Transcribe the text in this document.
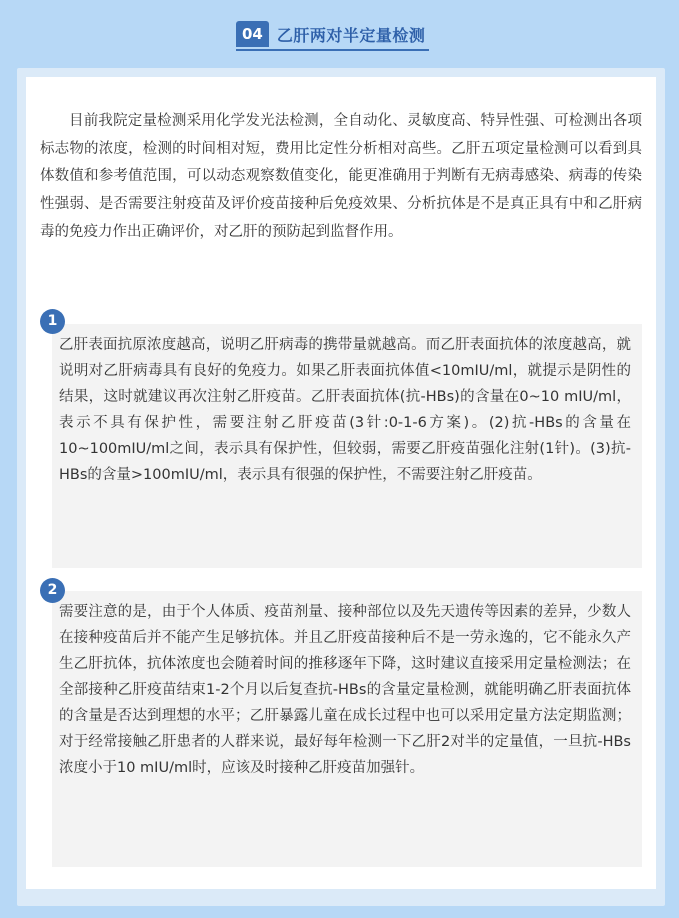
04 乙肝两对半定量检测

目前我院定量检测采用化学发光法检测，全自动化、灵敏度高、特异性强、可检测出各项标志物的浓度，检测的时间相对短，费用比定性分析相对高些。乙肝五项定量检测可以看到具体数值和参考值范围，可以动态观察数值变化，能更准确用于判断有无病毒感染、病毒的传染性强弱、是否需要注射疫苗及评价疫苗接种后免疫效果、分析抗体是不是真正具有中和乙肝病毒的免疫力作出正确评价，对乙肝的预防起到监督作用。

乙肝表面抗原浓度越高，说明乙肝病毒的携带量就越高。而乙肝表面抗体的浓度越高，就说明对乙肝病毒具有良好的免疫力。如果乙肝表面抗体值<10mIU/ml，就提示是阴性的结果，这时就建议再次注射乙肝疫苗。乙肝表面抗体(抗-HBs)的含量在0~10 mIU/ml，表示不具有保护性，需要注射乙肝疫苗(3针:0-1-6方案)。(2)抗-HBs的含量在10~100mIU/ml之间，表示具有保护性，但较弱，需要乙肝疫苗强化注射(1针)。(3)抗-HBs的含量>100mIU/ml，表示具有很强的保护性，不需要注射乙肝疫苗。

1

需要注意的是，由于个人体质、疫苗剂量、接种部位以及先天遗传等因素的差异，少数人在接种疫苗后并不能产生足够抗体。并且乙肝疫苗接种后不是一劳永逸的，它不能永久产生乙肝抗体，抗体浓度也会随着时间的推移逐年下降，这时建议直接采用定量检测法；在全部接种乙肝疫苗结束1-2个月以后复查抗-HBs的含量定量检测，就能明确乙肝表面抗体的含量是否达到理想的水平；乙肝暴露儿童在成长过程中也可以采用定量方法定期监测；对于经常接触乙肝患者的人群来说，最好每年检测一下乙肝2对半的定量值，一旦抗-HBs浓度小于10 mIU/ml时，应该及时接种乙肝疫苗加强针。

2
